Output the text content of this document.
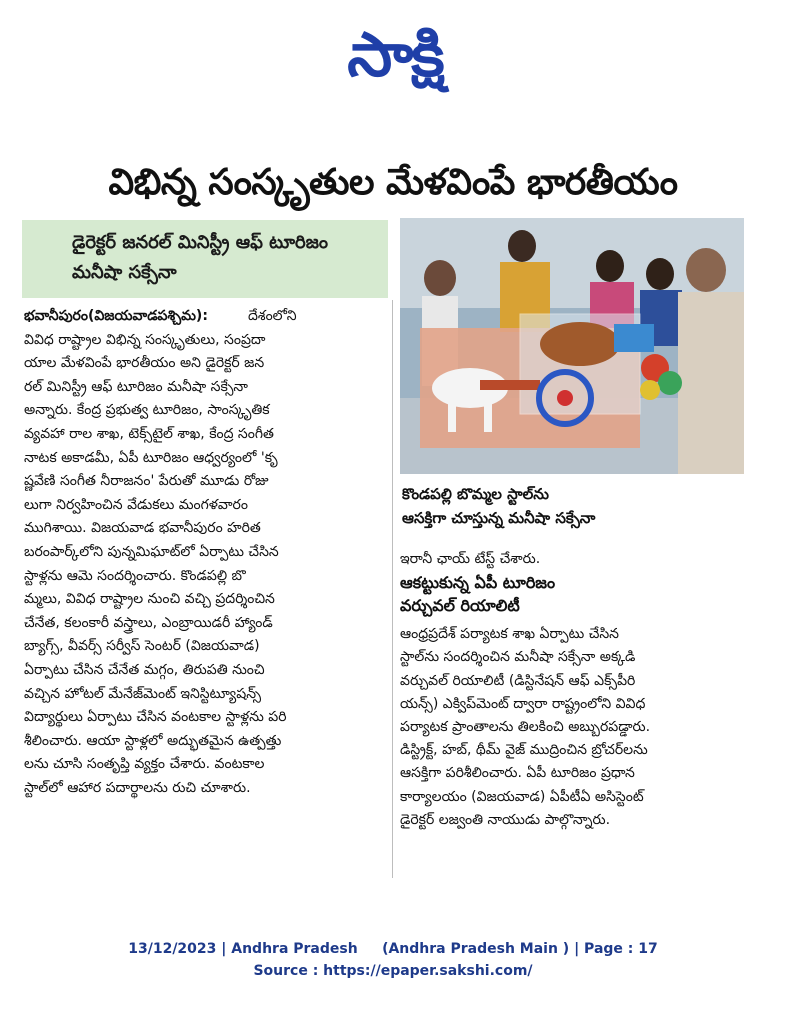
సాక్షి
విభిన్న సంస్కృతుల మేళవింపే భారతీయం
డైరెక్టర్ జనరల్ మినిస్ట్రీ ఆఫ్ టూరిజం
మనీషా సక్సేనా
భవానీపురం(విజయవాడపశ్చిమ):	దేశంలోని
వివిధ రాష్ట్రాల విభిన్న సంస్కృతులు, సంప్రదా
యాల మేళవింపే భారతీయం అని డైరెక్టర్ జన
రల్ మినిస్ట్రీ ఆఫ్ టూరిజం మనీషా సక్సేనా
అన్నారు. కేంద్ర ప్రభుత్వ టూరిజం, సాంస్కృతిక
వ్యవహా రాల శాఖ, టెక్స్‌టైల్ శాఖ, కేంద్ర సంగీత
నాటక అకాడమీ, ఏపీ టూరిజం ఆధ్వర్యంలో 'కృ
ష్ణవేణి సంగీత నీరాజనం' పేరుతో మూడు రోజు
లుగా నిర్వహించిన వేడుకలు మంగళవారం
ముగిశాయి. విజయవాడ భవానీపురం హరిత
బరంపార్క్‌లోని పున్నమిఘాట్‌లో ఏర్పాటు చేసిన
స్టాళ్లను ఆమె సందర్శించారు. కొండపల్లి బొ
మ్మలు, వివిధ రాష్ట్రాల నుంచి వచ్చి ప్రదర్శించిన
చేనేత, కలంకారీ వస్త్రాలు, ఎంబ్రాయిడరీ హ్యాండ్
బ్యాగ్స్, వీవర్స్ సర్వీస్ సెంటర్ (విజయవాడ)
ఏర్పాటు చేసిన చేనేత మగ్గం, తిరుపతి నుంచి
వచ్చిన హోటల్ మేనేజ్‌మెంట్ ఇనిస్టిట్యూషన్స్
విద్యార్థులు ఏర్పాటు చేసిన వంటకాల స్టాళ్లను పరి
శీలించారు. ఆయా స్టాళ్లలో అద్భుతమైన ఉత్పత్తు
లను చూసి సంతృప్తి వ్యక్తం చేశారు. వంటకాల
స్టాల్‌లో ఆహార పదార్థాలను రుచి చూశారు.
కొండపల్లి బొమ్మల స్టాల్‌ను
ఆసక్తిగా చూస్తున్న మనీషా సక్సేనా
ఇరానీ ఛాయ్ టేస్ట్ చేశారు.
ఆకట్టుకున్న ఏపీ టూరిజం
వర్చువల్ రియాలిటీ
ఆంధ్రప్రదేశ్ పర్యాటక శాఖ ఏర్పాటు చేసిన
స్టాల్‌ను సందర్శించిన మనీషా సక్సేనా అక్కడి
వర్చువల్ రియాలిటీ (డిస్టినేషన్ ఆఫ్ ఎక్స్‌పీరి
యన్స్) ఎక్విప్‌మెంట్ ద్వారా రాష్ట్రంలోని వివిధ
పర్యాటక ప్రాంతాలను తిలకించి అబ్బురపడ్డారు.
డిస్ట్రిక్ట్, హబ్, థీమ్ వైజ్ ముద్రించిన బ్రోచర్‌లను
ఆసక్తిగా పరిశీలించారు. ఏపీ టూరిజం ప్రధాన
కార్యాలయం (విజయవాడ) ఏపీటీఏ అసిస్టెంట్
డైరెక్టర్ లజ్వంతి నాయుడు పాల్గొన్నారు.
13/12/2023 | Andhra Pradesh     (Andhra Pradesh Main ) | Page : 17
Source : https://epaper.sakshi.com/
